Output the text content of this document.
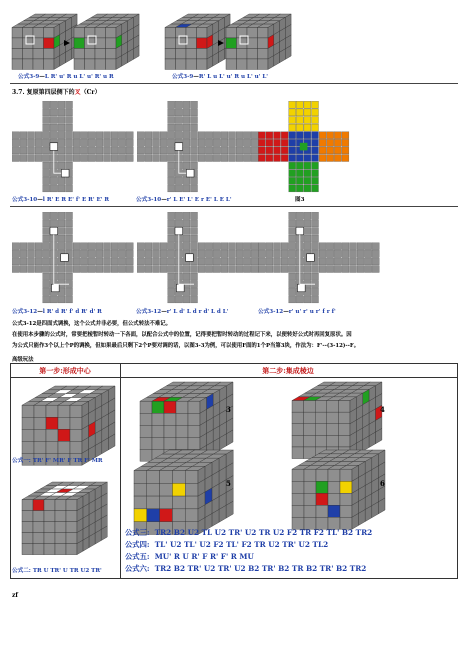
公式3-9—L R' u' R u L' u' R' u R	公式3-9—R' L u L' u' R u L' u' L'
3.7. 复原第四层侧下的叉（Cr）
公式3-10—l R' E R E' f' E R' E' R	公式3-10—r' L E' L' E r E' L E L'	图3
公式3-12—l R' d R' f' d R' d' R	公式3-12—r' L d' L d r d' L d L'	公式3-12—r' u' r' u r' f r f'
公式3-12是四面式调换，这个公式并非必要，但公式转法不难记。
在使用本步骤的公式时，常要把棱暂时转动一下各面，以配合公式中的位置，记得要把暂时转动的过程记下来，以便转好公式时再回复原状。因
为公式只能作3个以上个P的调换，但如果最后只剩下2个P要对调的话，以图3-3为例，可以使用F面的1个P当第3块，作法为：F'--(3-12)--F。
高级玩法
第一步:形成中心	第二步:集成棱边
公式一: TR' F' MR' F TR F' MR
公式二: TR U TR' U TR U2 TR'
3	4
5	6
公式三: TR2 B2 U2 TL U2 TR' U2 TR U2 F2 TR F2 TL' B2 TR2
公式四: TL' U2 TL' U2 F2 TL' F2 TR U2 TR' U2 TL2
公式五: MU' R U R' F R' F' R MU
公式六: TR2 B2 TR' U2 TR' U2 B2 TR' B2 TR B2 TR' B2 TR2
zf
